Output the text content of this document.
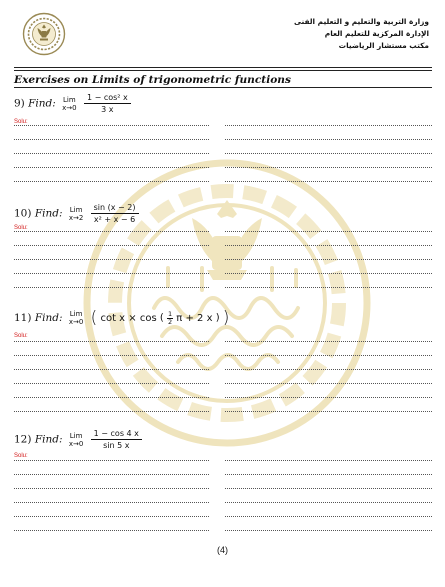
وزارة التربية والتعليم و التعليم الفنى
الإدارة المركزية للتعليم العام
مكتب مستشار الرياضيات
Exercises on Limits of trigonometric functions
9) Find: Lim
x→0
$\frac{\text{1 − cos² x}}{3 x}$
Solu:
10) Find: Lim
x→2
$\frac{\sin (x - 2)}{\text{x² + x − 6}}$
Solu:
11) Find: Lim
x→0 ( cot x × cos ( $\frac{1}{2}$ π + 2 x ) )
Solu:
12) Find: Lim
x→0
$\frac{1 - \cos 4 x}{\sin 5 x}$
Solu:
(4)
